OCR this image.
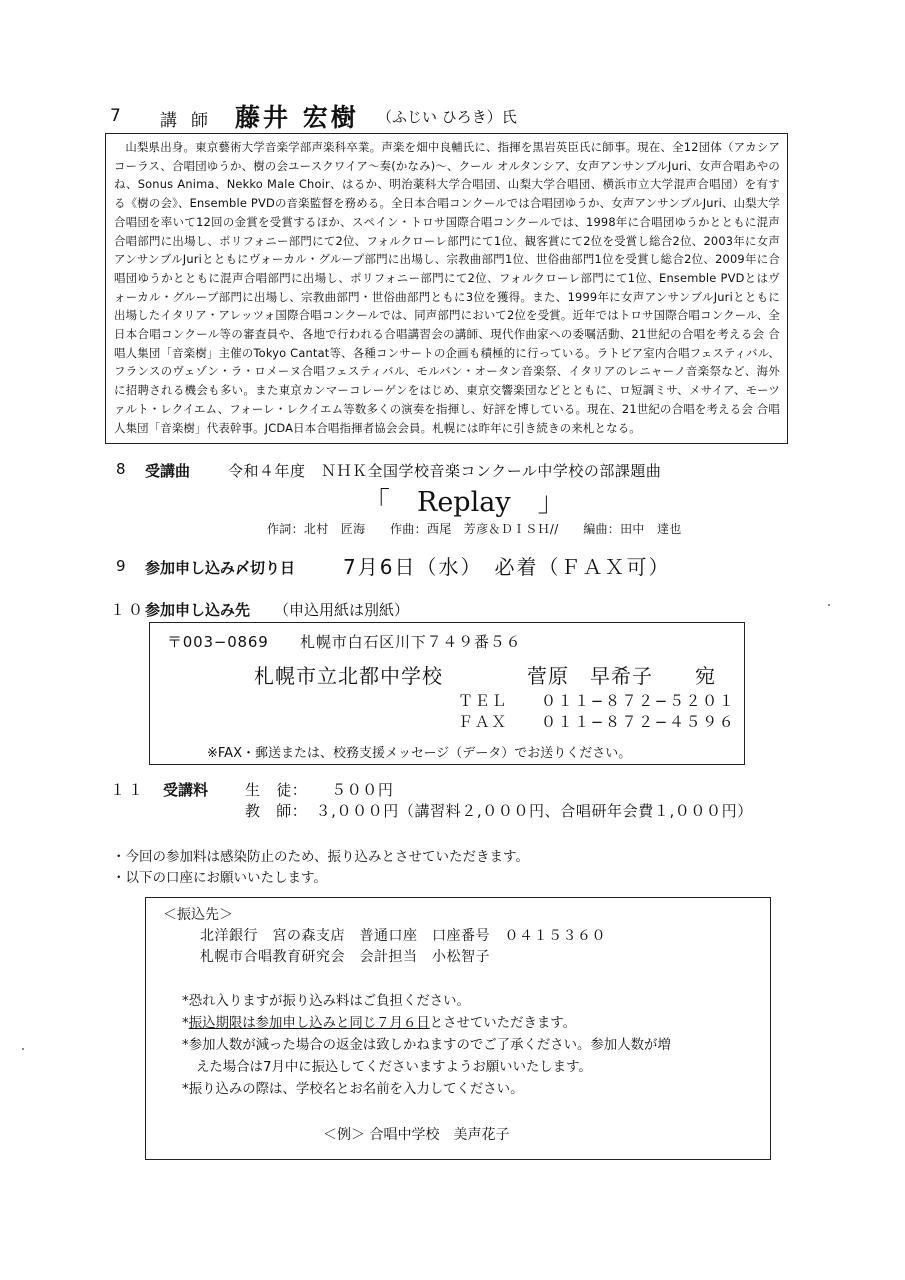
7 講師 藤井 宏樹 （ふじい ひろき）氏

山梨県出身。東京藝術大学音楽学部声楽科卒業。声楽を畑中良輔氏に、指揮を黒岩英臣氏に師事。現在、全12団体（アカシアコーラス、合唱団ゆうか、樹の会ユースクワイア～奏(かなみ)～、クール オルタンシア、女声アンサンブルJuri、女声合唱あやのね、Sonus Anima、Nekko Male Choir、はるか、明治薬科大学合唱団、山梨大学合唱団、横浜市立大学混声合唱団）を有する《樹の会》、Ensemble PVDの音楽監督を務める。全日本合唱コンクールでは合唱団ゆうか、女声アンサンブルJuri、山梨大学合唱団を率いて12回の金賞を受賞するほか、スペイン・トロサ国際合唱コンクールでは、1998年に合唱団ゆうかとともに混声合唱部門に出場し、ポリフォニー部門にて2位、フォルクローレ部門にて1位、観客賞にて2位を受賞し総合2位、2003年に女声アンサンブルJuriとともにヴォーカル・グループ部門に出場し、宗教曲部門1位、世俗曲部門1位を受賞し総合2位、2009年に合唱団ゆうかとともに混声合唱部門に出場し、ポリフォニー部門にて2位、フォルクローレ部門にて1位、Ensemble PVDとはヴォーカル・グループ部門に出場し、宗教曲部門・世俗曲部門ともに3位を獲得。また、1999年に女声アンサンブルJuriとともに出場したイタリア・アレッツォ国際合唱コンクールでは、同声部門において2位を受賞。近年ではトロサ国際合唱コンクール、全日本合唱コンクール等の審査員や、各地で行われる合唱講習会の講師、現代作曲家への委嘱活動、21世紀の合唱を考える会 合唱人集団「音楽樹」主催のTokyo Cantat等、各種コンサートの企画も積極的に行っている。ラトビア室内合唱フェスティバル、フランスのヴェゾン・ラ・ロメーヌ合唱フェスティバル、モルバン・オータン音楽祭、イタリアのレニャーノ音楽祭など、海外に招聘される機会も多い。また東京カンマーコレーゲンをはじめ、東京交響楽団などとともに、ロ短調ミサ、メサイア、モーツァルト・レクイエム、フォーレ・レクイエム等数多くの演奏を指揮し、好評を博している。現在、21世紀の合唱を考える会 合唱人集団「音楽樹」代表幹事。JCDA日本合唱指揮者協会会員。札幌には昨年に引き続きの来札となる。

8 受講曲	令和４年度　ＮＨＫ全国学校音楽コンクール中学校の部課題曲
「　Replay　」
作詞：北村　匠海　　作曲：西尾　芳彦＆ＤＩＳＨ//　　編曲：田中　達也
9 参加申し込み〆切り日 7月6日（水）　必着（ＦＡＸ可）
１０
参加申し込み先 （申込用紙は別紙）
〒003−0869　　札幌市白石区川下７４９番５６
札幌市立北都中学校　　　　菅原　早希子　　宛
ＴＥＬ　　０１１−８７２−５２０１
ＦＡＸ　　０１１−８７２−４５９６
※FAX・郵送または、校務支援メッセージ（データ）でお送りください。
１１ 受講料 生　徒：　　５００円
教　師：　３,０００円（講習料２,０００円、合唱研年会費１,０００円）
・今回の参加料は感染防止のため、振り込みとさせていただきます。
・以下の口座にお願いいたします。
＜振込先＞
北洋銀行　宮の森支店　普通口座　口座番号　０４１５３６０
札幌市合唱教育研究会　会計担当　小松智子
*恐れ入りますが振り込み料はご負担ください。
*振込期限は参加申し込みと同じ７月６日とさせていただきます。
*参加人数が減った場合の返金は致しかねますのでご了承ください。参加人数が増
えた場合は7月中に振込してくださいますようお願いいたします。
*振り込みの際は、学校名とお名前を入力してください。
＜例＞ 合唱中学校　美声花子
